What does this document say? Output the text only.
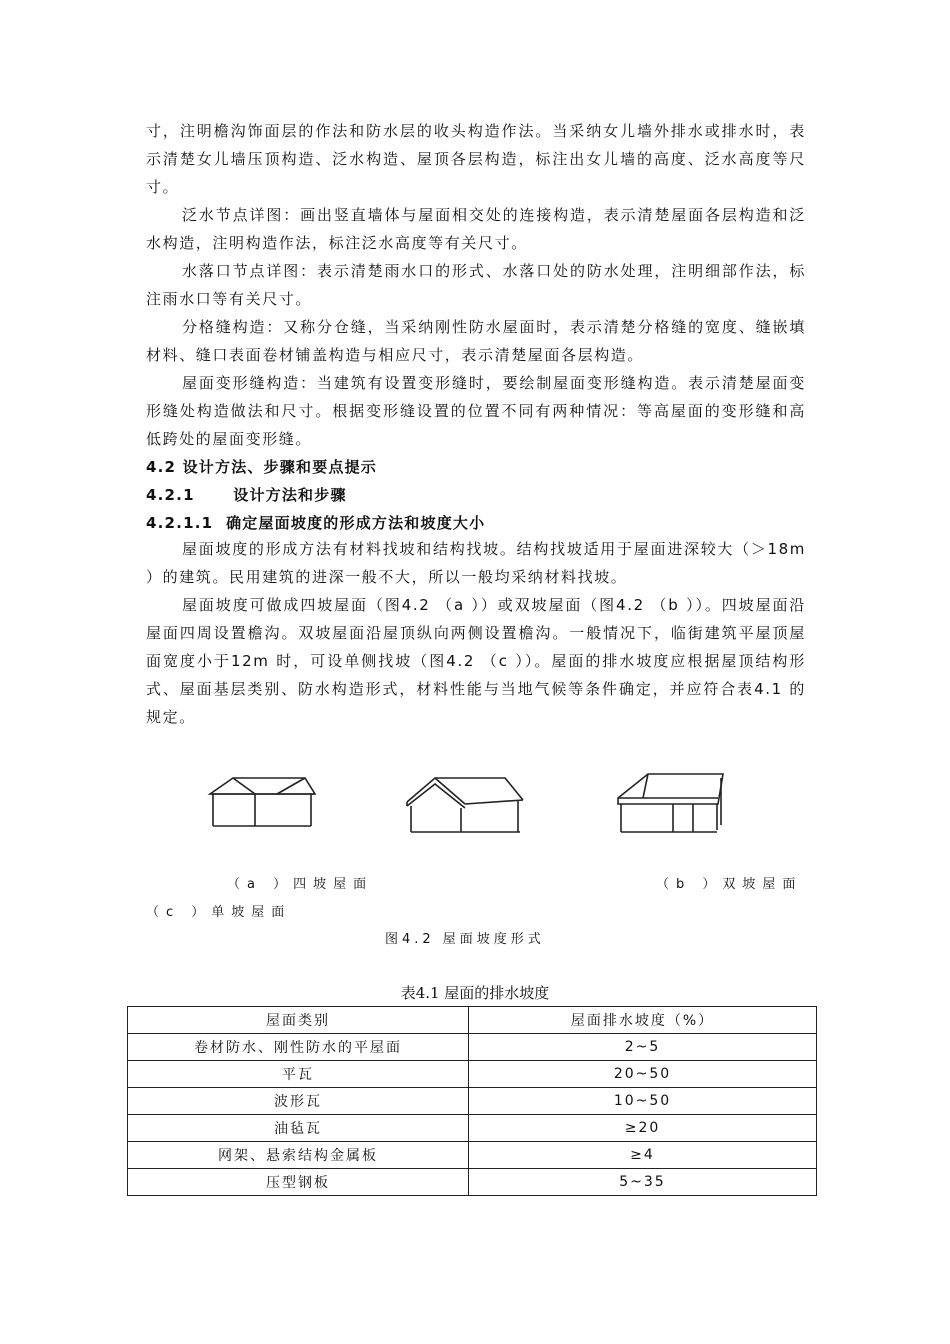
寸，注明檐沟饰面层的作法和防水层的收头构造作法。当采纳女儿墙外排水或排水时，表示清楚女儿墙压顶构造、泛水构造、屋顶各层构造，标注出女儿墙的高度、泛水高度等尺寸。

泛水节点详图：画出竖直墙体与屋面相交处的连接构造，表示清楚屋面各层构造和泛水构造，注明构造作法，标注泛水高度等有关尺寸。

水落口节点详图：表示清楚雨水口的形式、水落口处的防水处理，注明细部作法，标注雨水口等有关尺寸。

分格缝构造：又称分仓缝，当采纳刚性防水屋面时，表示清楚分格缝的宽度、缝嵌填材料、缝口表面卷材铺盖构造与相应尺寸，表示清楚屋面各层构造。

屋面变形缝构造：当建筑有设置变形缝时，要绘制屋面变形缝构造。表示清楚屋面变形缝处构造做法和尺寸。根据变形缝设置的位置不同有两种情况：等高屋面的变形缝和高低跨处的屋面变形缝。

4.2 设计方法、步骤和要点提示

4.2.1      设计方法和步骤

4.2.1.1  确定屋面坡度的形成方法和坡度大小

屋面坡度的形成方法有材料找坡和结构找坡。结构找坡适用于屋面进深较大（＞18m ）的建筑。民用建筑的进深一般不大，所以一般均采纳材料找坡。

屋面坡度可做成四坡屋面（图4.2 （a ））或双坡屋面（图4.2 （b ））。四坡屋面沿屋面四周设置檐沟。双坡屋面沿屋顶纵向两侧设置檐沟。一般情况下，临街建筑平屋顶屋面宽度小于12m 时，可设单侧找坡（图4.2 （c ））。屋面的排水坡度应根据屋顶结构形式、屋面基层类别、防水构造形式，材料性能与当地气候等条件确定，并应符合表4.1 的规定。

（a ）四坡屋面	（b ）双坡屋面
（c ）单坡屋面
图4.2 屋面坡度形式
表4.1 屋面的排水坡度
屋面类别	屋面排水坡度（%）
卷材防水、刚性防水的平屋面	2~5
平瓦	20~50
波形瓦	10~50
油毡瓦	≥20
网架、悬索结构金属板	≥4
压型钢板	5~35
